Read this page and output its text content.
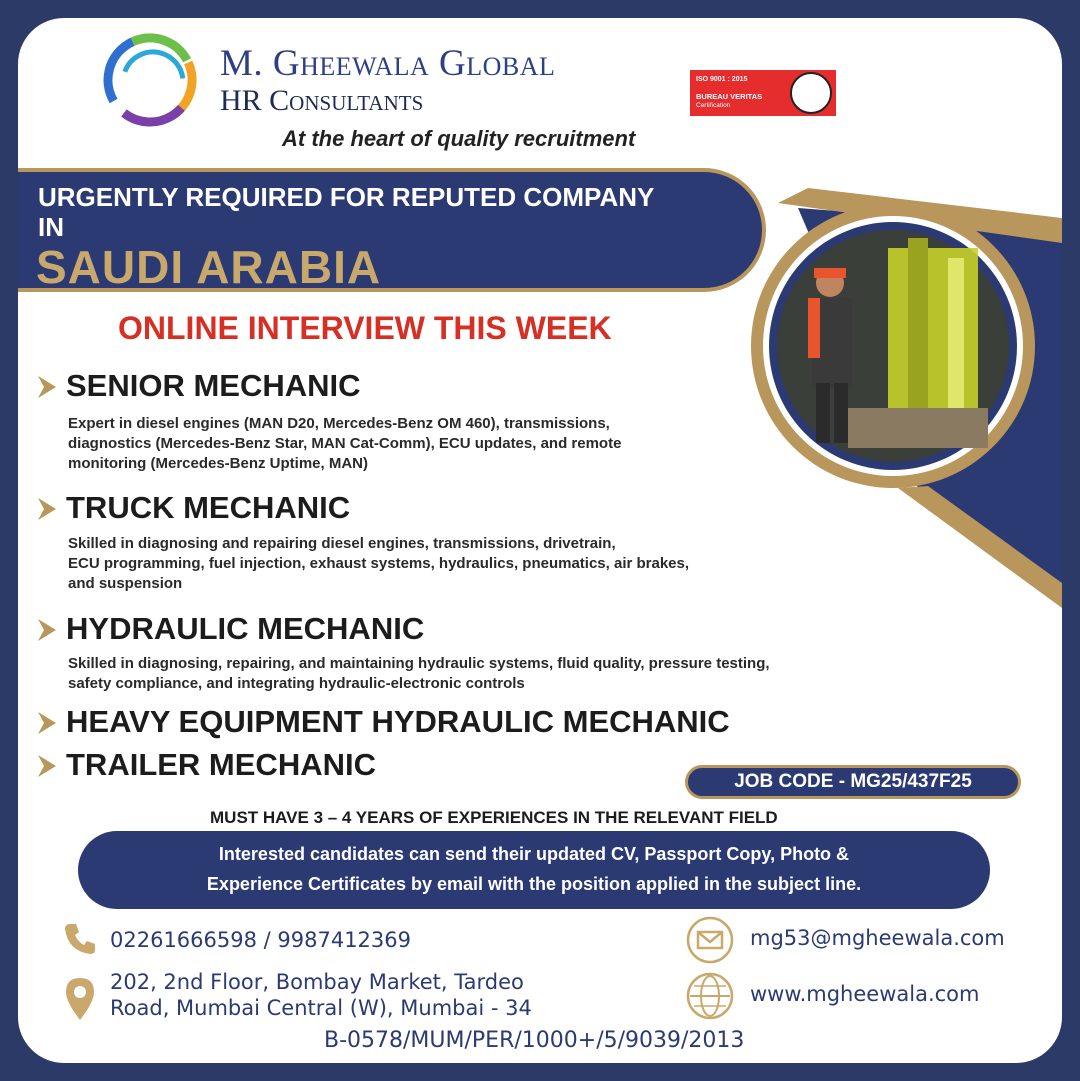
M. Gheewala Global
HR Consultants
At the heart of quality recruitment
ISO 9001 : 2015
BUREAU VERITAS
Certification
URGENTLY REQUIRED FOR REPUTED COMPANY
IN
SAUDI ARABIA
ONLINE INTERVIEW THIS WEEK
SENIOR MECHANIC
Expert in diesel engines (MAN D20, Mercedes-Benz OM 460), transmissions,
diagnostics (Mercedes-Benz Star, MAN Cat-Comm), ECU updates, and remote
monitoring (Mercedes-Benz Uptime, MAN)
TRUCK MECHANIC
Skilled in diagnosing and repairing diesel engines, transmissions, drivetrain,
ECU programming, fuel injection, exhaust systems, hydraulics, pneumatics, air brakes,
and suspension
HYDRAULIC MECHANIC
Skilled in diagnosing, repairing, and maintaining hydraulic systems, fluid quality, pressure testing,
safety compliance, and integrating hydraulic-electronic controls
HEAVY EQUIPMENT HYDRAULIC MECHANIC
TRAILER MECHANIC	JOB CODE - MG25/437F25
MUST HAVE 3 – 4 YEARS OF EXPERIENCES IN THE RELEVANT FIELD
Interested candidates can send their updated CV, Passport Copy, Photo &
Experience Certificates by email with the position applied in the subject line.
02261666598 / 9987412369
202, 2nd Floor, Bombay Market, Tardeo
Road, Mumbai Central (W), Mumbai - 34
mg53@mgheewala.com
www.mgheewala.com
B-0578/MUM/PER/1000+/5/9039/2013
